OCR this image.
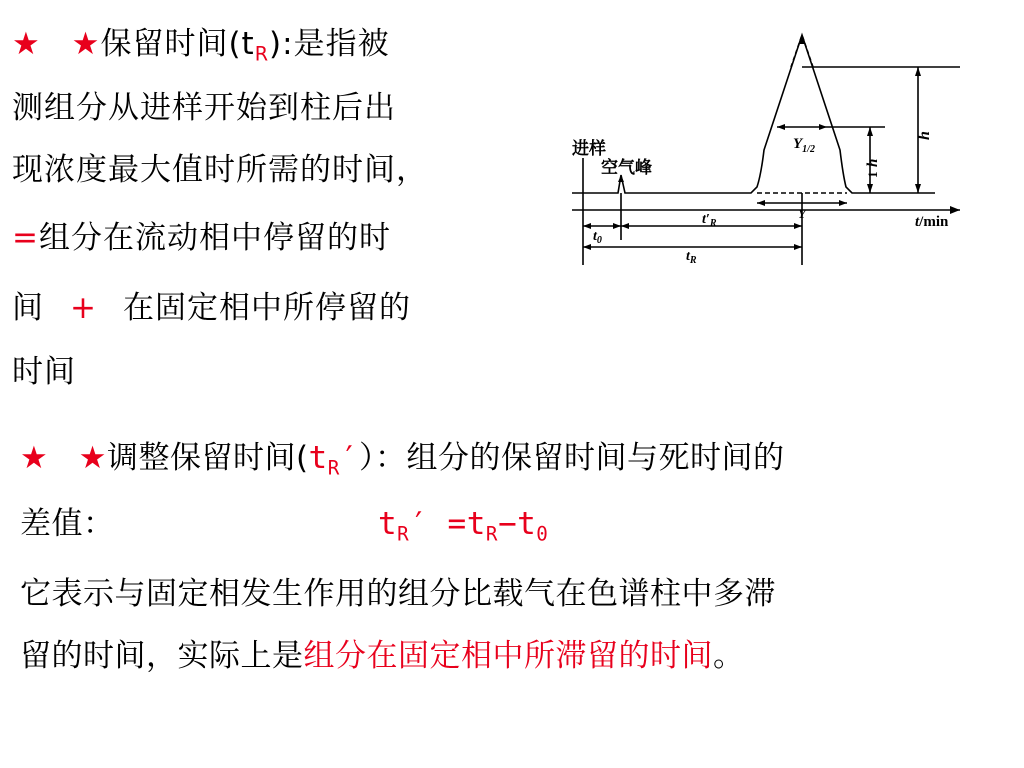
★ ★保留时间$(t_R)$:是指被
测组分从进样开始到柱后出
现浓度最大值时所需的时间，
=组分在流动相中停留的时
间 + 在固定相中所停留的
时间
进样
空气峰
h
1
h
$Y_{1/2}$
Y
t/min
$t_0$
$t'_R$
$t_R$
★ ★调整保留时间$(t_R')$：组分的保留时间与死时间的
差值：	$t_R' =t_R-t_0$
它表示与固定相发生作用的组分比载气在色谱柱中多滞
留的时间，实际上是组分在固定相中所滞留的时间。
